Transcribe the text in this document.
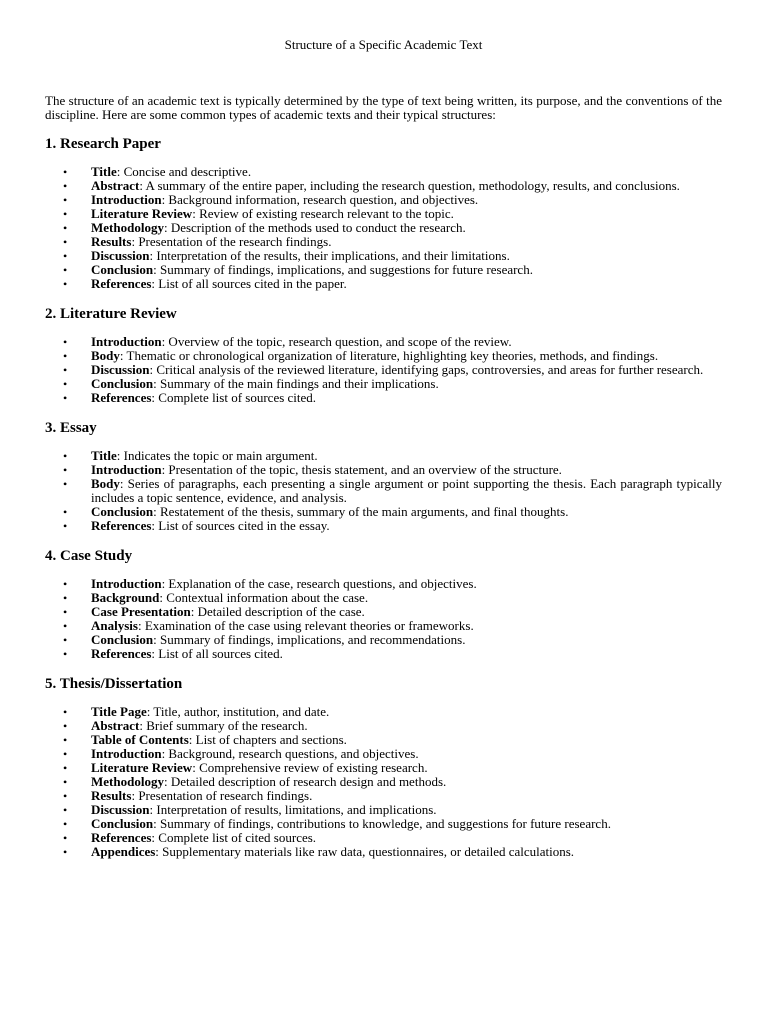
Structure of a Specific Academic Text

The structure of an academic text is typically determined by the type of text being written, its purpose, and the conventions of the discipline. Here are some common types of academic texts and their typical structures:

1. Research Paper
• Title: Concise and descriptive.
• Abstract: A summary of the entire paper, including the research question, methodology, results, and conclusions.
• Introduction: Background information, research question, and objectives.
• Literature Review: Review of existing research relevant to the topic.
• Methodology: Description of the methods used to conduct the research.
• Results: Presentation of the research findings.
• Discussion: Interpretation of the results, their implications, and their limitations.
• Conclusion: Summary of findings, implications, and suggestions for future research.
• References: List of all sources cited in the paper.
2. Literature Review
• Introduction: Overview of the topic, research question, and scope of the review.
• Body: Thematic or chronological organization of literature, highlighting key theories, methods, and findings.
• Discussion: Critical analysis of the reviewed literature, identifying gaps, controversies, and areas for further research.
• Conclusion: Summary of the main findings and their implications.
• References: Complete list of sources cited.
3. Essay
• Title: Indicates the topic or main argument.
• Introduction: Presentation of the topic, thesis statement, and an overview of the structure.
• Body: Series of paragraphs, each presenting a single argument or point supporting the thesis. Each paragraph typically includes a topic sentence, evidence, and analysis.
• Conclusion: Restatement of the thesis, summary of the main arguments, and final thoughts.
• References: List of sources cited in the essay.
4. Case Study
• Introduction: Explanation of the case, research questions, and objectives.
• Background: Contextual information about the case.
• Case Presentation: Detailed description of the case.
• Analysis: Examination of the case using relevant theories or frameworks.
• Conclusion: Summary of findings, implications, and recommendations.
• References: List of all sources cited.
5. Thesis/Dissertation
• Title Page: Title, author, institution, and date.
• Abstract: Brief summary of the research.
• Table of Contents: List of chapters and sections.
• Introduction: Background, research questions, and objectives.
• Literature Review: Comprehensive review of existing research.
• Methodology: Detailed description of research design and methods.
• Results: Presentation of research findings.
• Discussion: Interpretation of results, limitations, and implications.
• Conclusion: Summary of findings, contributions to knowledge, and suggestions for future research.
• References: Complete list of cited sources.
• Appendices: Supplementary materials like raw data, questionnaires, or detailed calculations.
